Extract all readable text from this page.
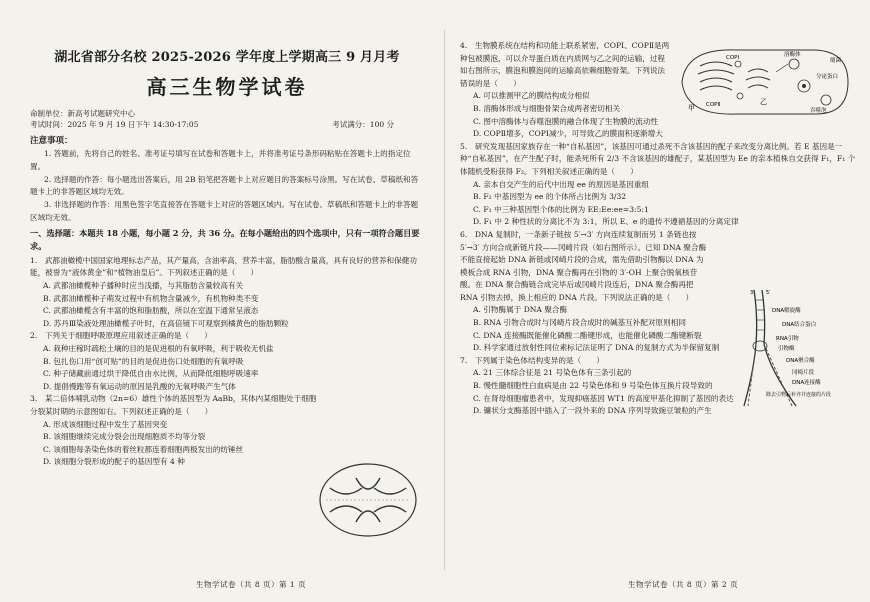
湖北省部分名校 2025-2026 学年度上学期高三 9 月月考
高三生物学试卷
命制单位：新高考试题研究中心
考试时间：2025 年 9 月 19 日下午 14:30-17:05	考试满分：100 分
注意事项：

1. 答题前，先将自己的姓名、准考证号填写在试卷和答题卡上，并将准考证号条形码粘贴在答题卡上的指定位置。

2. 选择题的作答：每小题选出答案后，用 2B 铅笔把答题卡上对应题目的答案标号涂黑。写在试卷、草稿纸和答题卡上的非答题区域均无效。

3. 非选择题的作答：用黑色签字笔直接答在答题卡上对应的答题区域内。写在试卷、草稿纸和答题卡上的非答题区域均无效。

一、选择题：本题共 18 小题，每小题 2 分，共 36 分。在每小题给出的四个选项中，只有一项符合题目要求。

1.　武都油橄榄中国国家地理标志产品，其产量高，含油率高，营养丰富，脂肪酸含量高，具有良好的营养和保健功能，被誉为“液体黄金”和“植物油皇后”。下列叙述正确的是（　　）

A. 武都油橄榄种子播种时应当浅播，与其脂肪含量较高有关

B. 武都油橄榄种子萌发过程中有机物含量减少，有机物种类不变

C. 武都油橄榄含有丰富的饱和脂肪酸，所以在室温下通常呈液态

D. 苏丹Ⅲ染液处理油橄榄子叶时，在高倍镜下可观察到橘黄色的脂肪颗粒

2.　下列关于细胞呼吸原理应用叙述正确的是（　　）

A. 栽种庄稼时疏松土壤的目的是促进根的有氧呼吸，利于吸收无机盐

B. 包扎伤口用“创可贴”的目的是促进伤口处细胞的有氧呼吸

C. 种子储藏前通过烘干降低自由水比例，从而降低细胞呼吸速率

D. 提倡慢跑等有氧运动的原因是乳酸的无氧呼吸产生气体

3.　某二倍体哺乳动物（2n=6）雄性个体的基因型为 AaBb，其体内某细胞处于细胞分裂某时期的示意图如右。下列叙述正确的是（　　）

A. 形成该细胞过程中发生了基因突变

B. 该细胞继续完成分裂会出现细胞质不均等分裂

C. 该细胞每条染色体的着丝粒都连着细胞两极发出的纺锤丝

D. 该细胞分裂形成的配子的基因型有 4 种

生物学试卷（共 8 页）第 1 页

4.　生物膜系统在结构和功能上联系紧密，COPⅠ、COPⅡ是两种包被膜泡，可以介导蛋白质在内质网与乙之间的运输，过程如右图所示，膜泡和膜泡间的运输高依赖细胞骨架。下列说法错误的是（　　）

A. 可以推测甲乙的膜结构成分相似

B. 溶酶体形成与细胞骨架合成两者密切相关

C. 图中溶酶体与吞噬泡膜的融合体现了生物膜的流动性

D. COPⅡ增多，COPⅠ减少，可导致乙的膜面积逐渐增大

5.　研究发现基因家族存在一种“自私基因”，该基因可通过杀死不含该基因的配子来改变分离比例。若 E 基因是一种“自私基因”，在产生配子时，能杀死所有 2/3 不含该基因的雄配子，某基因型为 Ee 的亲本植株自交获得 F₁，F₁ 个体随机受粉获得 F₂。下列相关叙述正确的是（　　）

A. 亲本自交产生的后代中出现 ee 的原因是基因重组

B. F₂ 中基因型为 ee 的个体所占比例为 3/32

C. F₁ 中三种基因型个体的比例为 EE:Ee:ee=3:5:1

D. F₁ 中 2 种性状的分离比不为 3:1，所以 E、e 的遗传不遵循基因的分离定律

6.　DNA 复制时，一条新子链按 5′→3′ 方向连续复制而另 1 条链也按 5′→3′ 方向合成新链片段——冈崎片段（如右图所示）。已知 DNA 聚合酶不能直接起始 DNA 新链或冈崎片段的合成，需先借助引物酶以 DNA 为模板合成 RNA 引物，DNA 聚合酶再在引物的 3′-OH 上聚合脱氧核苷酸。在 DNA 聚合酶链合成完毕后或冈崎片段连后，DNA 聚合酶再把 RNA 引物去掉，换上相应的 DNA 片段。下列说法正确的是（　　）

A. 引物酶属于 DNA 聚合酶

B. RNA 引物合成时与冈崎片段合成时的碱基互补配对原则相同

C. DNA 连接酶既能催化磷酸二酯键形成，也能催化磷酸二酯键断裂

D. 科学家通过放射性同位素标记法证明了 DNA 的复制方式为半保留复制

7.　下列属于染色体结构变异的是（　　）

A. 21 三体综合征是 21 号染色体有三条引起的

B. 慢性髓细胞性白血病是由 22 号染色体和 9 号染色体互换片段导致的

C. 在肾母细胞瘤患者中，发现抑癌基因 WT1 的高度甲基化抑制了基因的表达

D. 镰状分支酶基因中插入了一段外来的 DNA 序列导致豌豆皱粒的产生

甲
乙
COPⅠ
COPⅡ
溶酶体
分泌蛋白
细菌
吞噬泡
3′ 5′
DNA解旋酶
DNA结合蛋白
RNA引物
引物酶
DNA聚合酶
冈崎片段
DNA连接酶
除去引物后补齐并连接的片段
生物学试卷（共 8 页）第 2 页
